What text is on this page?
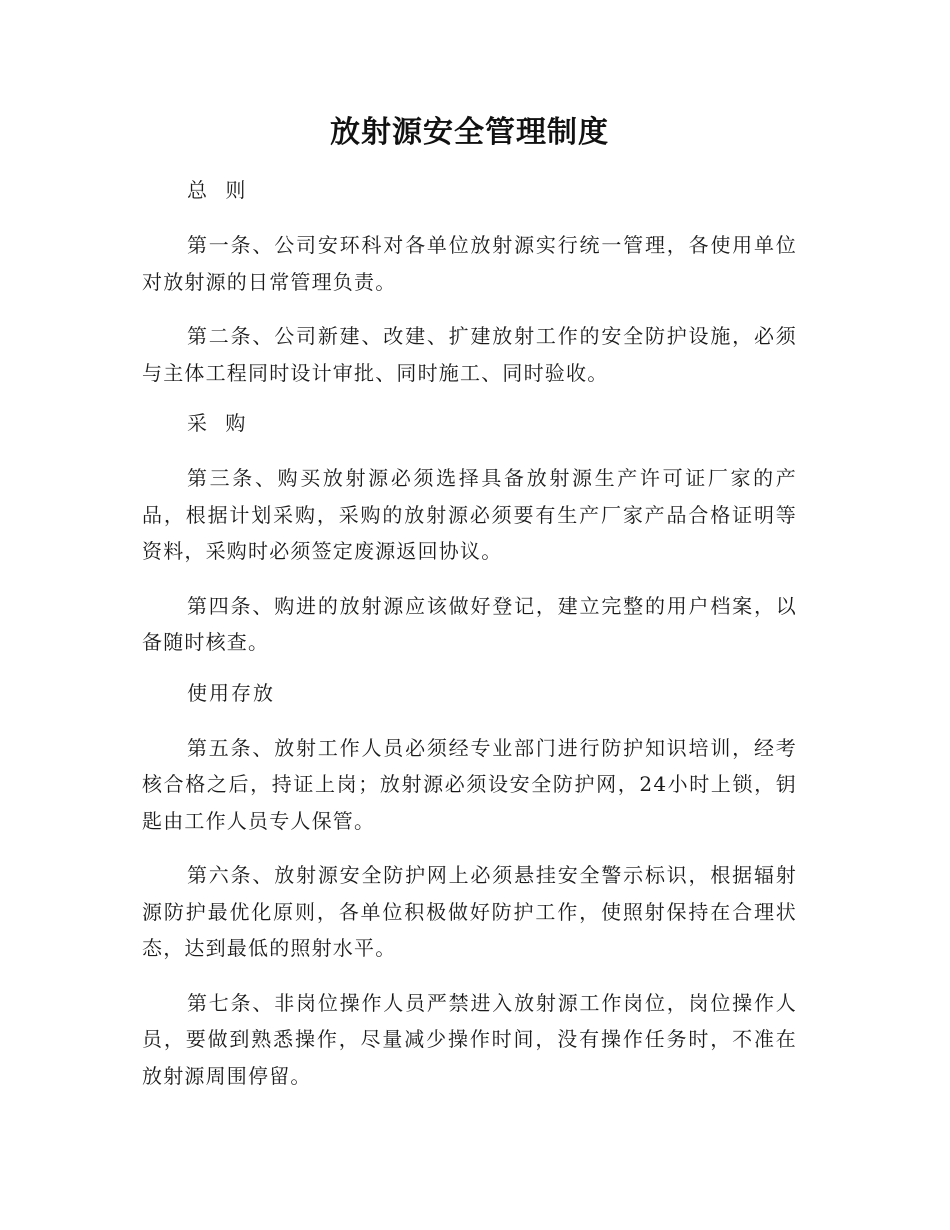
放射源安全管理制度

总 则

第一条、公司安环科对各单位放射源实行统一管理，各使用单位对放射源的日常管理负责。

第二条、公司新建、改建、扩建放射工作的安全防护设施，必须与主体工程同时设计审批、同时施工、同时验收。

采 购

第三条、购买放射源必须选择具备放射源生产许可证厂家的产品，根据计划采购，采购的放射源必须要有生产厂家产品合格证明等资料，采购时必须签定废源返回协议。

第四条、购进的放射源应该做好登记，建立完整的用户档案，以备随时核查。

使用存放

第五条、放射工作人员必须经专业部门进行防护知识培训，经考核合格之后，持证上岗；放射源必须设安全防护网，24小时上锁，钥匙由工作人员专人保管。

第六条、放射源安全防护网上必须悬挂安全警示标识，根据辐射源防护最优化原则，各单位积极做好防护工作，使照射保持在合理状态，达到最低的照射水平。

第七条、非岗位操作人员严禁进入放射源工作岗位，岗位操作人员，要做到熟悉操作，尽量减少操作时间，没有操作任务时，不准在放射源周围停留。
